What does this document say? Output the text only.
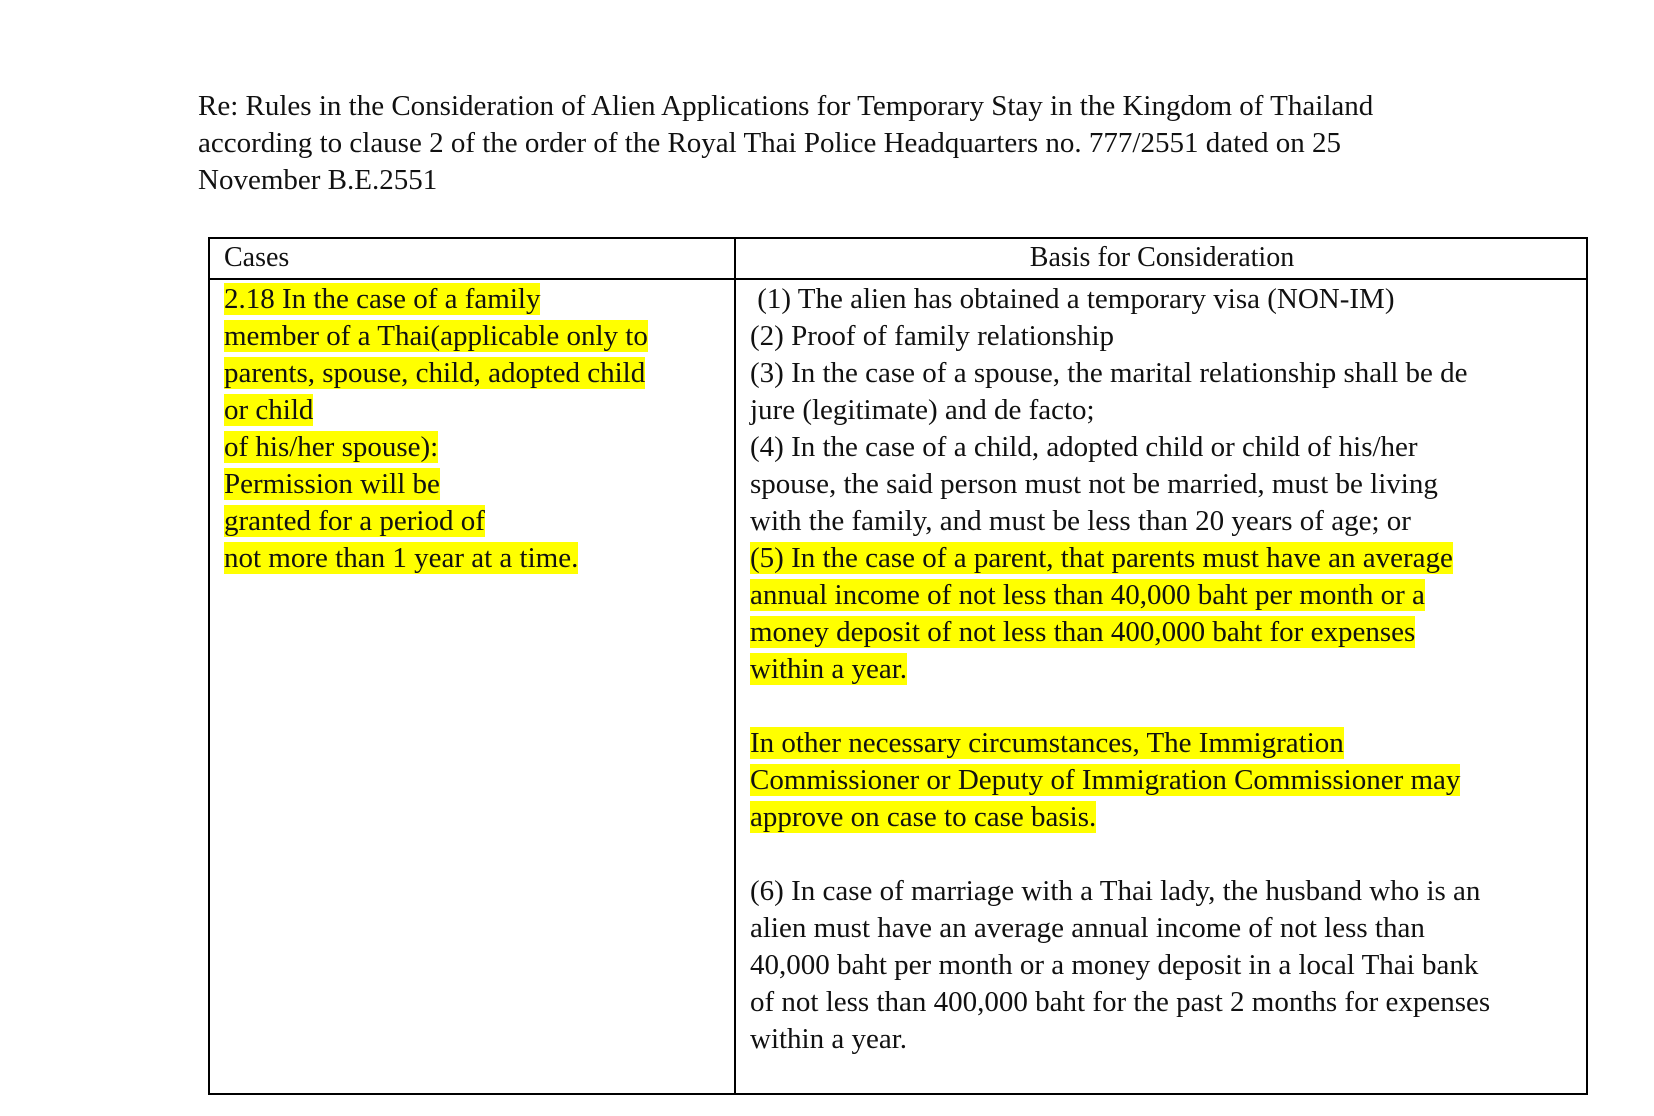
Re: Rules in the Consideration of Alien Applications for Temporary Stay in the Kingdom of Thailand
according to clause 2 of the order of the Royal Thai Police Headquarters no. 777/2551 dated on 25
November B.E.2551
Cases	Basis for Consideration
2.18 In the case of a family
member of a Thai(applicable only to
parents, spouse, child, adopted child
or child
of his/her spouse):
Permission will be
granted for a period of
not more than 1 year at a time.
(1) The alien has obtained a temporary visa (NON-IM)
(2) Proof of family relationship
(3) In the case of a spouse, the marital relationship shall be de
jure (legitimate) and de facto;
(4) In the case of a child, adopted child or child of his/her
spouse, the said person must not be married, must be living
with the family, and must be less than 20 years of age; or
(5) In the case of a parent, that parents must have an average
annual income of not less than 40,000 baht per month or a
money deposit of not less than 400,000 baht for expenses
within a year.
In other necessary circumstances, The Immigration
Commissioner or Deputy of Immigration Commissioner may
approve on case to case basis.
(6) In case of marriage with a Thai lady, the husband who is an
alien must have an average annual income of not less than
40,000 baht per month or a money deposit in a local Thai bank
of not less than 400,000 baht for the past 2 months for expenses
within a year.
